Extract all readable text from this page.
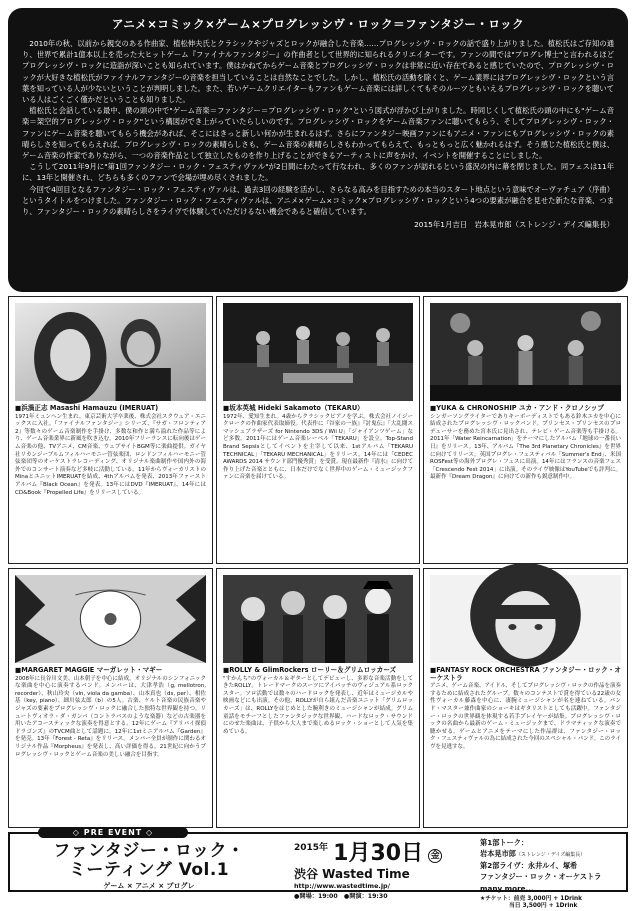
アニメ×コミック×ゲーム×プログレッシヴ・ロック＝ファンタジー・ロック

2010年の秋、以前から親交のある作曲家、植松伸夫氏とクラシックやジャズとロックが融合した音楽……プログレッシヴ・ロックの話で盛り上がりました。植松氏はご存知の通り、世界で累計1億本以上を売った大ヒットゲーム『ファイナルファンタジー』の作曲者として世界的に知られるクリエイターです。ファンの間では"プログレ博士"と言われるほどプログレッシヴ・ロックに造詣が深いことも知られています。僕はかねてからゲーム音楽とプログレッシヴ・ロックは非常に近い存在であると感じていたので、プログレッシヴ・ロックが大好きな植松氏がファイナルファンタジーの音楽を担当していることは自然なことでした。しかし、植松氏の活動を除くと、ゲーム業界にはプログレッシヴ・ロックという言葉を知っている人が少ないということが判明しました。また、若いゲームクリエイターもファンもゲーム音楽には詳しくてもそのルーツともいえるプログレッシヴ・ロックを聴いている人はごくごく僅かだということも知りました。

植松氏と会話している最中、僕の頭の中で"ゲーム音楽＝ファンタジー＝プログレッシヴ・ロック"という図式が浮かび上がりました。時同じくして植松氏の頭の中にも"ゲーム音楽＝架空的プログレッシヴ・ロック"という構図ができ上がっていたらしいのです。プログレッシヴ・ロックをゲーム音楽ファンに聴いてもらう、そしてプログレッシヴ・ロック・ファンにゲーム音楽を聴いてもらう機会があれば、そこにはきっと新しい何かが生まれるはず。さらにファンタジー映画ファンにもアニメ・ファンにもプログレッシヴ・ロックの素晴らしさを知ってもらえれば、プログレッシヴ・ロックの素晴らしさも、ゲーム音楽の素晴らしさもわかってもらえて、もっともっと広く魅かれるはず。そう感じた植松氏と僕は、ゲーム音楽の作家でありながら、一つの音楽作品として独立したものを作り上げることができるアーティストに声をかけ、イベントを開催することにしました。

こうして2011年9月に"第1回ファンタジー・ロック・フェスティヴァル"が2日間にわたって行なわれ、多くのファンが訪れるという盛況の内に幕を閉じました。同フェスは11年に、13年と開催され、どちらも多くのファンで会場が埋め尽くされました。

今回で4回目となるファンタジー・ロック・フェスティヴァルは、過去3回の経験を活かし、さらなる高みを目指すための本当のスタート地点という意味でオーヴァチュア（序曲）というタイトルをつけました。ファンタジー・ロック・フェスティヴァルは、アニメ×ゲーム×コミック×プログレッシヴ・ロックという4つの要素が融合を見せた新たな音楽、つまり、ファンタジー・ロックの素晴らしさをライヴで体験していただけるない機会であると確信しています。

2015年1月吉日　岩本晃市郎（ストレンジ・デイズ編集長）
■ 浜渦正志 Masashi Hamauzu (IMERUAT)
1971年ミュンヘン生まれ。東京芸術大学卒業後、株式会社スクウェア・エニックスに入社。『ファイナルファンタジー』シリーズ、『サガ・フロンティア2』等数々のゲーム音楽制作を手掛け、多数な和作と満ち溢れた作品等により、ゲーム音楽業界に新風を吹き込む。2010年フリーランスに転向後はゲーム音楽の他、TVアニメ、CM音楽、ウェブサイトBGM等に楽曲提供。ガイヤ社リカンジーブルムフィルハーモニー管弦楽団、ロンドンフィルハーモニー管弦楽団等のオーケストラレコーディング、オリジナル楽曲制作や国内外の海外でのコンサート演奏など多岐に活動している。11年からヴォーカリストのMinaとユニットIMERUATを結成、4thアルバムを発表、2013年ファーストアルバム『Black Ocean』を発表。13年にはDVD『IMERUAT』、14年にはCD&Book『Propelled Life』をリリースしている。
■ 坂本英城 Hideki Sakamoto（TEKARU）
1972年、愛知生まれ。4歳からクラシックピアノを学ぶ。株式会社ノイジークロークの作曲家代表取締役。代表作に『谷家の一族』『討鬼伝』「大乱闘スマッシュブラザーズ for Nintendo 3DS / Wii U」「ジャイアンツゲーム」など多数。2011年にはゲーム音楽レーベル「TEKARU」を設立。Top-Stand Brand Sepsisとしてイベントを主宰して以来、1stアルバム「TEKARU TECHNICAL」「TEKARU MECHANICAL」をリリース。14年には「CEDEC AWARDS 2014 サウンド部門優秀賞」を受賞。現在最新作『清水』に向けて作り上げた音楽とともに、日本だけでなく世界中のゲーム・ミュージックファンに音楽を届けている。
■ YUKA & CHRONOSHIP ユカ・アンド・クロノシップ
シンガーソングライターでありキーボーディストでもある鈴木ユカを中心に結成されたプログレッシヴ・ロックバンド。プリンセス・プリンセスのプロデューサーを務めた宮本氏に見出され、テレビ・ゲーム音楽等も手掛ける。2011年「Water Reincarnation」をテーマにしたアルバム『地球の一番長い日』をリリース。13年、アルバム『The 3rd Planetary Chronicles』を世界に向けてリリース。英国プログレ・フェスティバル「Summer's End」、米国ROSFest等の海外プログレ・フェスに出演。14年にはフランスの音楽フェス「Crescendo Fest 2014」に出演。そのライヴ映像はYouTubeでも評判に。最新作『Dream Dragon』に向けての新作も鋭意制作中。
■ MARGARET MAGGIE マーガレット・マギー
2008年に長谷川文美、山本朝子を中心に結成。オリジナルのシンフォニックな楽曲を中心に演奏するバンド。メンバーは、大津孝浩（g, mellotron, recorder）、秋山玲央（vln, viola da gamba）、山本真也（ds, per）、相佐基（key, piano）、細川弦太郎（b）の5人。古楽、ケルト音楽の民族音楽やジャズの要素をプログレッシヴ・ロックに融合した独特な世界観を持つ。リュートヴィオラ・ダ・ガンバ（コントラバスのような楽器）などの古楽器を用いたアコースティックな演奏を得意とする。12年にゲーム『アリバイ探偵ドラゴンズ』のTVCM曲として話題に。12年に1stミニアルバム『Garden』を発売。13年『Forest - Reta』をリリース。メンバー全員が制作に関わるオリジナル作品『Morpheus』を発表し、高い評価を得る。21世紀に向かうプログレッシヴ・ロックとゲーム音楽の美しい融合を目指す。
■ ROLLY & GlimRockers ローリー＆グリムロッカーズ
"すかんち"のヴォーカル＆ギターとしてデビューし、多彩な音楽活動をしてきたROLLY。トレードマークのスーツにアイパッチのヴィジュアル系ロックスター。ソロ活動では数々のハードロックを発表し、近年はミュージカルや映画などにも出演。その他、ROLLYが自ら組んだ音楽ユニット「グリムロッカーズ」は、ROLLYをはじめとした腕利きのミュージシャンが結成。グリム童話をモチーフとしたファンタジックな世界観、ハードなロック・サウンドにのせた楽曲は、子供から大人まで楽しめるロック・ショーとして人気を集めている。
■ FANTASY ROCK ORCHESTRA ファンタジー・ロック・オーケストラ
アニメ、ゲーム音楽、アイドル、そしてプログレッシヴ・ロックの作品を演奏するために結成されたグループ。数々のコンテストで賞を得ている22歳の女性ヴォーカル藤森を中心に、凄腕ミュージシャンが名を連ねている。バンド・マスター兼作曲家のショーキはギタリストとしても活躍中。ファンタジー・ロックの世界観を体現する若手プレイヤーが結集。プログレッシヴ・ロックの名曲から最新のゲーム・ミュージックまで、ドラマティックな演奏で聴かせる。ゲームとアニメをテーマにした作品群は、ファンタジー・ロック・フェスティヴァルの為に結成された今回のスペシャル・バンド。このライヴを見逃すな。
◇ PRE EVENT ◇
ファンタジー・ロック・
ミーティング Vol.1
ゲーム × アニメ × プログレ
2015年 1月30日 金
渋谷 Wasted Time
http://www.wastedtime.jp/
●開場：19:00　●開演：19:30
第1部トーク：
岩本晃市郎（ストレンジ・デイズ編集長）
第2部ライヴ：永井ルイ、塚希
ファンタジー・ロック・オーケストラ
many more...
★チケット：前売 3,000円 + 1Drink
　　　　　当日 3,500円 + 1Drink
